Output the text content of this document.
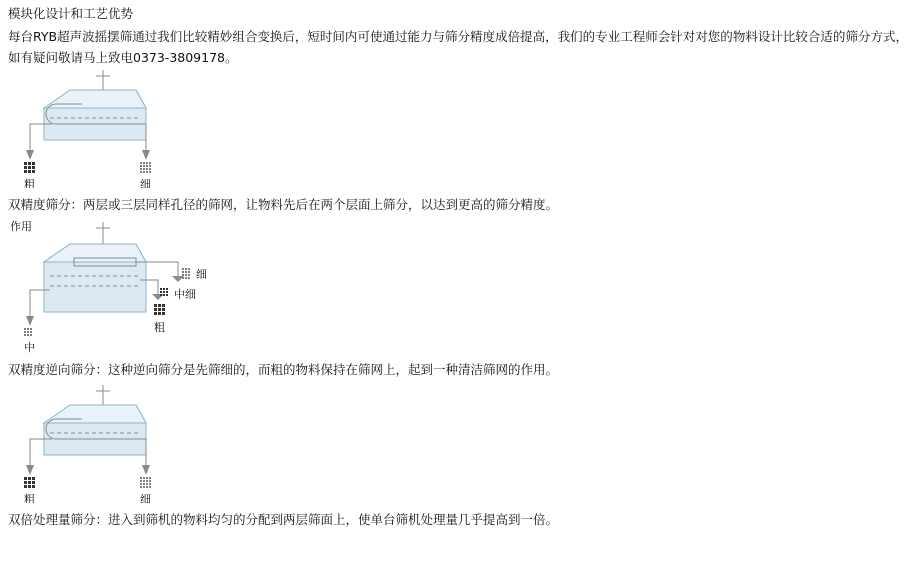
模块化设计和工艺优势
每台RYB超声波摇摆筛通过我们比较精妙组合变换后，短时间内可使通过能力与筛分精度成倍提高，我们的专业工程师会针对对您的物料设计比较合适的筛分方式，如有疑问敬请马上致电0373-3809178。
粗	细
双精度筛分：两层或三层同样孔径的筛网，让物料先后在两个层面上筛分，以达到更高的筛分精度。
作用
细
中细
粗
中
双精度逆向筛分：这种逆向筛分是先筛细的，而粗的物料保持在筛网上，起到一种清洁筛网的作用。
粗	细
双倍处理量筛分：进入到筛机的物料均匀的分配到两层筛面上，使单台筛机处理量几乎提高到一倍。
